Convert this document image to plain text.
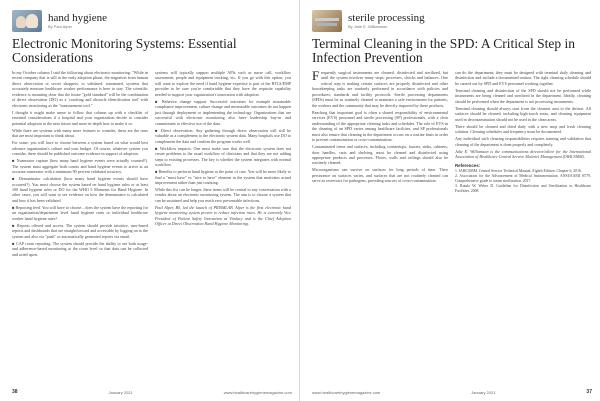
hand hygiene
By Paul Alper
Electronic Monitoring Systems: Essential Considerations

In my October column I said the following about electronic monitoring: "While in recent company that is still in the early adoption phase, the migration from human direct observation or secret shoppers, to validated, automated, systems that accurately measure healthcare worker performance is here to stay. The scientific evidence is mounting clear that the future "gold standard" will be the combination of direct observation (DO) as a 'coaching and obstacle identification tool' with electronic monitoring as the "measurement tool."

I thought it might make sense to follow that column up with a checklist of essential considerations if a hospital and your organization decide to consider potential adoption in the near future and more in-depth how to make it so.

While there are systems with many more features to consider, these are the ones that are most important to think about.

For some, you will have to choose between a system based on what would best advance organization's culture and your budget. Of course, whatever system you consider, there should be published outcome evidence in support of adoption.

■ Numerator capture (how many hand hygiene events were actually counted?). The system must aggregate both counts and hand hygiene events to arrive at an accurate numerator with a minimum 90 percent validated accuracy.

■ Denominator calculation (how many hand hygiene events should have occurred?). You must choose the system based on hand hygiene rules or at least 100 hand hygiene rules or DO for the WHO 5 Moments for Hand Hygiene. In other cases, you will want to see evidence on how the denominator is calculated and how it has been validated.

■ Reporting feed. You will have to choose – does the system have the reporting for an organization/department level hand hygiene rates or individual healthcare worker hand hygiene rates?

■ Reports offered and access. The system should provide intuitive, user-based reports and dashboards that are straightforward and accessible by logging on to the system and also via "push" or automatically generated reports via email.

■ CAP room reporting. The system should provide the ability to see both usage- and adherence-based monitoring at the room level so that data can be collected and acted upon.

systems will typically support multiple APIs such as nurse call, workflow assessment, people and equipment tracking, etc. If you go with this option, you will want to explore the need if hand hygiene expertise is part of the RTLS/EMP provider to be sure you're comfortable that they have the requisite capability needed to support your organization's innovation with adoption.

■ Behavior change support. Successful outcomes for example sustainable compliance improvement, culture change and measurable outcomes do not happen just through deployment or implementing the technology. Organizations that are successful with electronic monitoring also have leadership buy-in and commitment to effective use of the data.

■ Direct observation. Any gathering through direct observation will still be valuable as a complement to the electronic system data. Many hospitals use DO to complement the data and confirm the program works well.

■ Workflow impacts. One must make sure that the electronic system does not create problems to the usual workflow of clinicians and that they are not adding steps to existing processes. The key is whether the system integrates with normal workflow.

■ Benefits to perform hand hygiene at the point of care. You will be more likely to find a "must have" vs "nice to have" element in the system that motivates actual improvement rather than just counting.

While this list can be longer, these items will be central to any conversation with a vendor about an electronic monitoring system. The aim is to choose a system that can be sustained and help you reach zero preventable infections.

Paul Alper, BS, led the launch of PRISMLAB. Alper is the first electronic hand hygiene monitoring system proven to reduce infection rates. He is currently Vice President of Patient Safety Innovation at Vitalacy and is the Chief Adoption Officer at Direct Observation Hand Hygiene Monitoring.

38	January 2021	www.healthcarehygienemagazine.com
sterile processing
By Julie E. Williamson
Terminal Cleaning in the SPD: A Critical Step in Infection Prevention

Frequently surgical instruments are cleaned, disinfected and sterilized, but until the system involves many steps, processes, checks and balances. One critical step is making certain surfaces are properly disinfected and other housekeeping tasks are routinely performed in accordance with policies and procedures, standards and facility protocols. Sterile processing departments (SPDs) must be as routinely cleaned to maintain a safe environment for patients, the workers and the community that may be directly impacted by these products.

Reaching that important goal is often a shared responsibility of environmental services (EVS) personnel and sterile processing (SP) professionals, with a clear understanding of the appropriate cleaning tasks and schedules. The role of EVS in the cleaning of an SPD varies among healthcare facilities, and SP professionals must also ensure that cleaning in the department occurs on a routine basis in order to prevent contamination or cross-contamination.

Contaminated items and surfaces, including countertops, faucets, sinks, cabinets, door handles, carts and shelving, must be cleaned and disinfected using appropriate products and processes. Floors, walls and ceilings should also be routinely cleaned.

Microorganisms can survive on surfaces for long periods of time. Their persistence on surfaces varies, and surfaces that are not routinely cleaned can serve as reservoirs for pathogens, providing sources of cross-contamination.

can do the department; they must be designed with terminal daily cleaning and disinfection and include a documented routine. The right cleaning schedule should be carried out by SPD and EVS personnel working together.

Terminal cleaning and disinfection of the SPD should not be performed while instruments are being cleaned and sterilized in the department. Ideally, cleaning should be performed when the department is not processing instruments.

Terminal cleaning should always start from the cleanest area to the dirtiest. All surfaces should be cleaned, including high-touch areas, and cleaning equipment used in decontamination should not be used in the clean areas.

There should be cleaned and dried daily with a new mop and fresh cleaning solution. Cleaning schedules and frequency must be documented.

Any individual with cleaning responsibilities requires training and validation that cleaning of the department is done properly and completely.

Julie E. Williamson is the communications director/editor for the International Association of Healthcare Central Service Materiel Management (IAHCSMM).

References:
1. IAHCSMM. Central Service Technical Manual, Eighth Edition. Chapter 6, 2016.
2. Association for the Advancement of Medical Instrumentation. ANSI/AAMI ST79. Comprehensive guide to steam sterilization, 2017.
3. Rutala W, Weber D. Guideline for Disinfection and Sterilization in Healthcare Facilities, 2008.
www.healthcarehygienemagazine.com	January 2021	37
